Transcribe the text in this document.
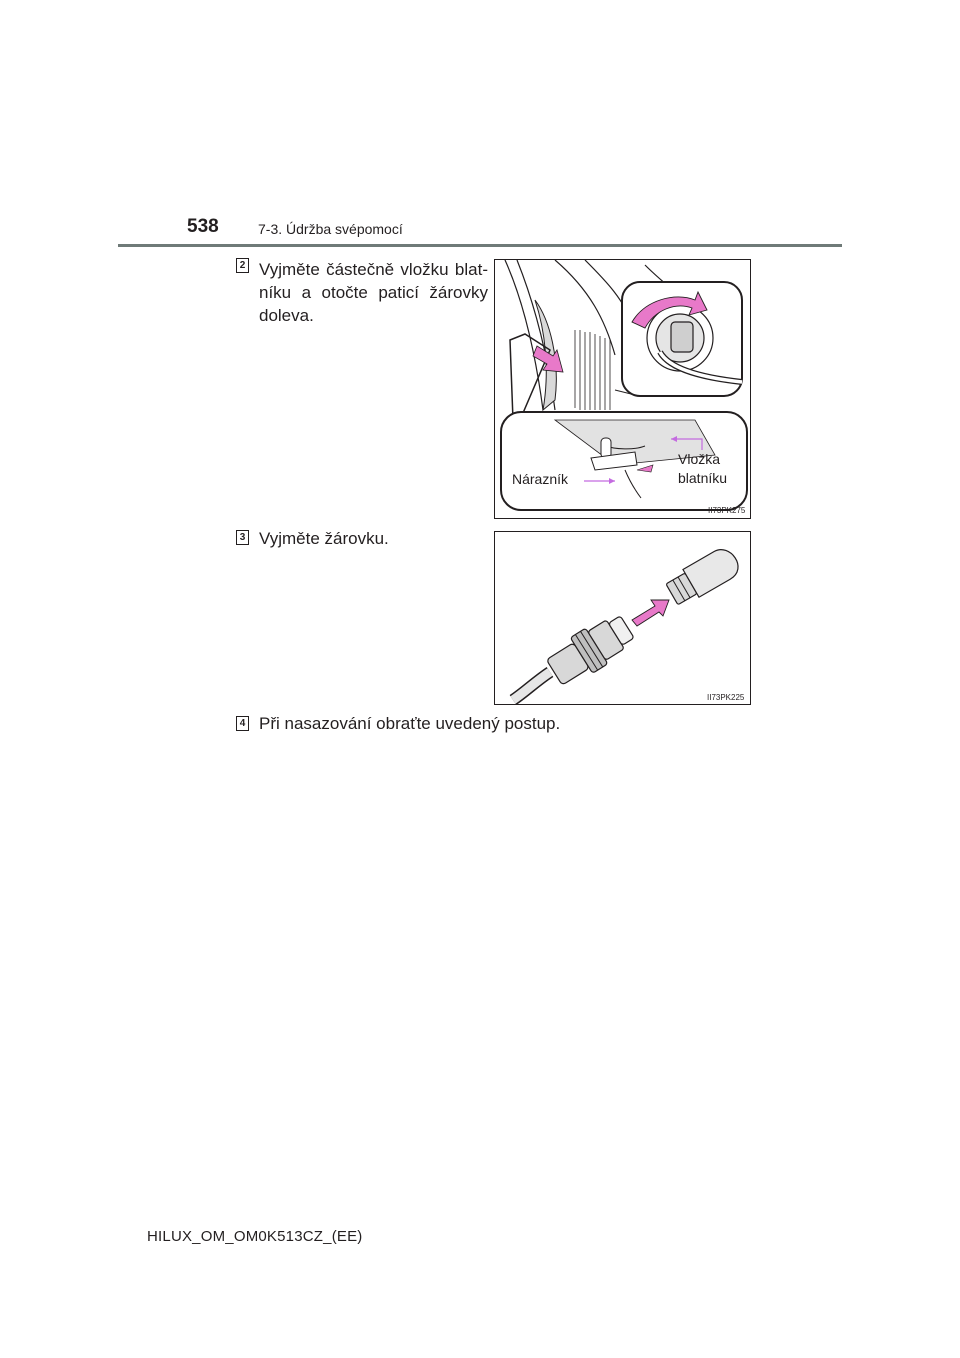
538	7-3. Údržba svépomocí
2 Vyjměte částečně vložku blat-
níku a otočte paticí žárovky
doleva.
Nárazník
Vložka
blatníku
II73PK275
3 Vyjměte žárovku.
II73PK225
4 Při nasazování obraťte uvedený postup.
HILUX_OM_OM0K513CZ_(EE)
